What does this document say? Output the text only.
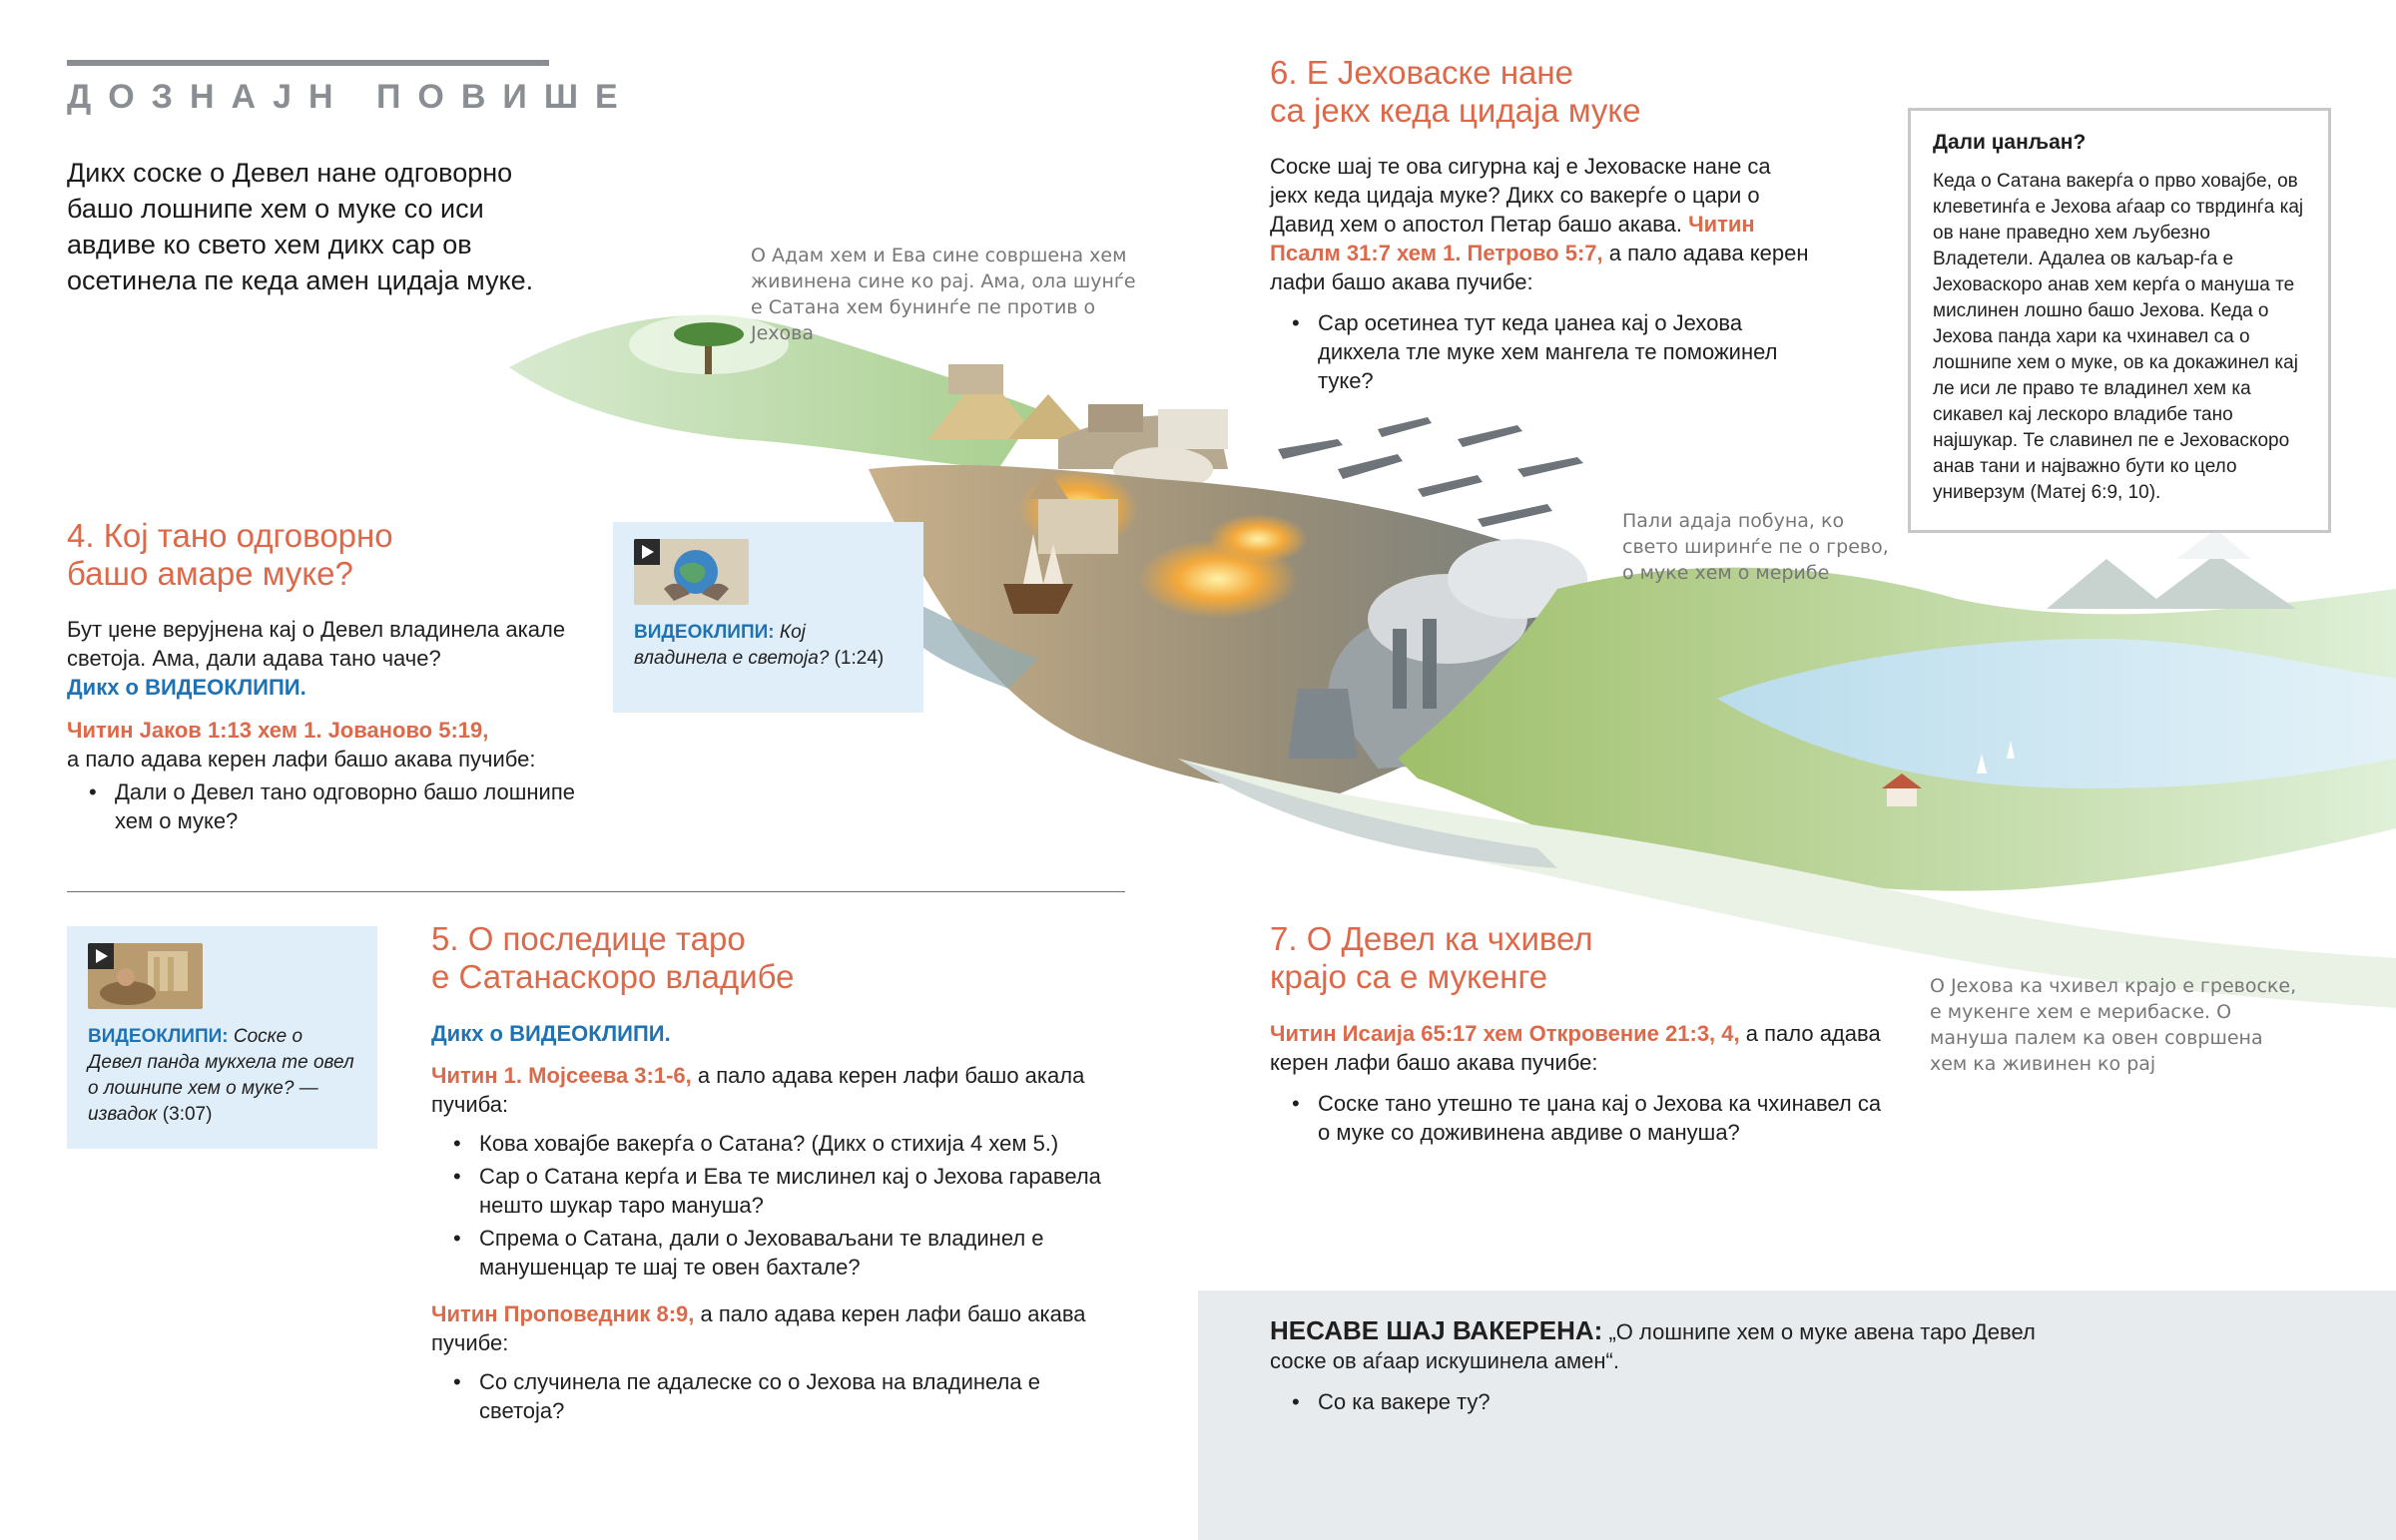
ДОЗНАЈН ПОВИШЕ
Дикх соске о Девел нане одговорно башо лошнипе хем о муке со иси авдиве ко свето хем дикх сар ов осетинела пе кеда амен цидаја муке.
О Адам хем и Ева сине совршена хем живинена сине ко рај. Ама, ола шунѓе е Сатана хем бунинѓе пе против о Јехова
Пали адаја побуна, ко свето ширинѓе пе о грево, о муке хем о мерибе
О Јехова ка чхивел крајо е гревоске, е мукенге хем е мерибаске. О мануша палем ка овен совршена хем ка живинен ко рај
4. Кој тано одговорно
башо амаре муке?
Бут џене верујнена кај о Девел владинела акале светоја. Ама, дали адава тано чаче?
Дикх о ВИДЕОКЛИПИ.
Читин Јаков 1:13 хем 1. Јованово 5:19,
а пало адава керен лафи башо акава пучибе:
• Дали о Девел тано одговорно башо лошнипе хем о муке?
ВИДЕОКЛИПИ: Кој владинела е светоја? (1:24)
ВИДЕОКЛИПИ: Соске о Девел панда мукхела те овел о лошнипе хем о муке? — извадок (3:07)
5. О последице таро
е Сатанаскоро владибе
Дикх о ВИДЕОКЛИПИ.
Читин 1. Мојсеева 3:1-6, а пало адава керен лафи башо акала пучиба:
• Кова ховајбе вакерѓа о Сатана? (Дикх о стихија 4 хем 5.)
• Сар о Сатана керѓа и Ева те мислинел кај о Јехова гаравела нешто шукар таро мануша?
• Спрема о Сатана, дали о Јеховаваљани те владинел е манушенцар те шај те овен бахтале?
Читин Проповедник 8:9, а пало адава керен лафи башо акава пучибе:
• Со случинела пе адалеске со о Јехова на владинела е светоја?
6. Е Јеховаске нане
са јекх кеда цидаја муке
Соске шај те ова сигурна кај е Јеховаске нане са јекх кеда цидаја муке? Дикх со вакерѓе о цари о Давид хем о апостол Петар башо акава. Читин Псалм 31:7 хем 1. Петрово 5:7, а пало адава керен лафи башо акава пучибе:
• Сар осетинеа тут кеда џанеа кај о Јехова дикхела тле муке хем мангела те поможинел туке?
Дали џанљан?
Кеда о Сатана вакерѓа о прво ховајбе, ов клеветинѓа е Јехова аѓаар со тврдинѓа кај ов нане праведно хем љубезно Владетели. Адалеа ов каљар-ѓа е Јеховаскоро анав хем керѓа о мануша те мислинен лошно башо Јехова. Кеда о Јехова панда хари ка чхинавел са о лошнипе хем о муке, ов ка докажинел кај ле иси ле право те владинел хем ка сикавел кај лескоро владибе тано најшукар. Те славинел пе е Јеховаскоро анав тани и најважно бути ко цело универзум (Матеј 6:9, 10).
7. О Девел ка чхивел
крајо са е мукенге
Читин Исаија 65:17 хем Откровение 21:3, 4, а пало адава керен лафи башо акава пучибе:
• Соске тано утешно те џана кај о Јехова ка чхинавел са о муке со доживинена авдиве о мануша?
НЕСАВЕ ШАЈ ВАКЕРЕНА: „О лошнипе хем о муке авена таро Девел соске ов аѓаар искушинела амен“.
• Со ка вакере ту?
